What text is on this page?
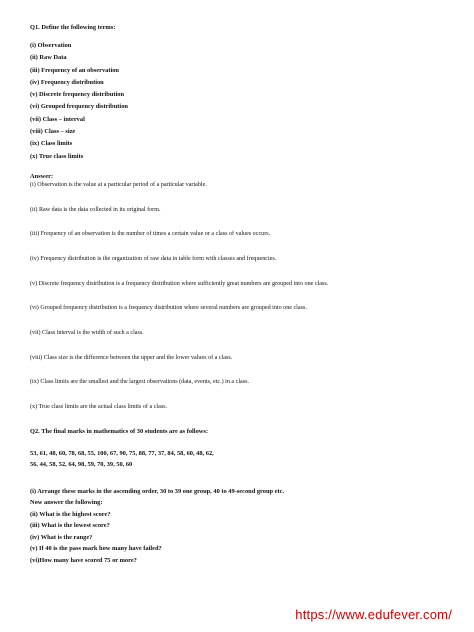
Q1. Define the following terms:
(i) Observation
(ii) Raw Data
(iii) Frequency of an observation
(iv) Frequency distribution
(v) Discrete frequency distribution
(vi) Grouped frequency distribution
(vii) Class – interval
(viii) Class – size
(ix) Class limits
(x) True class limits
Answer:
(i) Observation is the value at a particular period of a particular variable.
(ii) Raw data is the data collected in its original form.
(iii) Frequency of an observation is the number of times a certain value or a class of values occurs.
(iv) Frequency distribution is the organization of raw data in table form with classes and frequencies.
(v) Discrete frequency distribution is a frequency distribution where sufficiently great numbers are grouped into one class.
(vi) Grouped frequency distribution is a frequency distribution where several numbers are grouped into one class.
(vii) Class interval is the width of such a class.
(viii) Class size is the difference between the upper and the lower values of a class.
(ix) Class limits are the smallest and the largest observations (data, events, etc.) in a class.
(x) True class limits are the actual class limits of a class.
Q2. The final marks in mathematics of 30 students are as follows:
53, 61, 48, 60, 78, 68, 55, 100, 67, 90, 75, 88, 77, 37, 84, 58, 60, 48, 62,
56, 44, 58, 52, 64, 98, 59, 70, 39, 50, 60
(i) Arrange these marks in the ascending order, 30 to 39 one group, 40 to 49-second group etc.
Now answer the following:
(ii) What is the highest score?
(iii) What is the lowest score?
(iv) What is the range?
(v) If 40 is the pass mark how many have failed?
(vi)How many have scored 75 or more?
https://www.edufever.com/
